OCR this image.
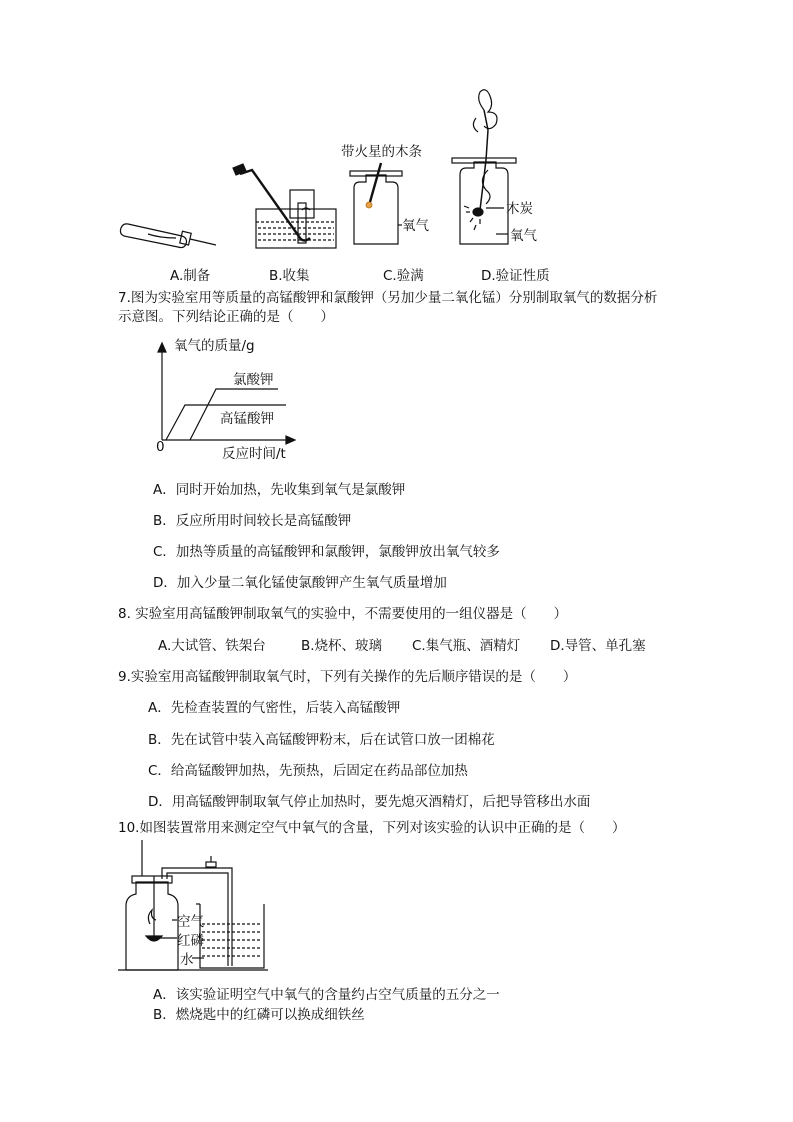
带火星的木条
氧气
木炭
氧气
A.制备	B.收集	C.验满	D.验证性质
7.图为实验室用等质量的高锰酸钾和氯酸钾（另加少量二氧化锰）分别制取氧气的数据分析
示意图。下列结论正确的是（　　）
氧气的质量/g
氯酸钾
高锰酸钾
0	反应时间/t
A．同时开始加热，先收集到氧气是氯酸钾
B．反应所用时间较长是高锰酸钾
C．加热等质量的高锰酸钾和氯酸钾，氯酸钾放出氧气较多
D．加入少量二氧化锰使氯酸钾产生氧气质量增加
8. 实验室用高锰酸钾制取氧气的实验中，不需要使用的一组仪器是（　　）
A.大试管、铁架台	B.烧杯、玻璃 C.集气瓶、酒精灯 D.导管、单孔塞
9.实验室用高锰酸钾制取氧气时，下列有关操作的先后顺序错误的是（　　）
A．先检查装置的气密性，后装入高锰酸钾
B．先在试管中装入高锰酸钾粉末，后在试管口放一团棉花
C．给高锰酸钾加热，先预热，后固定在药品部位加热
D．用高锰酸钾制取氧气停止加热时，要先熄灭酒精灯，后把导管移出水面
10.如图装置常用来测定空气中氧气的含量，下列对该实验的认识中正确的是（　　）
空气
红磷
水
A．该实验证明空气中氧气的含量约占空气质量的五分之一
B．燃烧匙中的红磷可以换成细铁丝
